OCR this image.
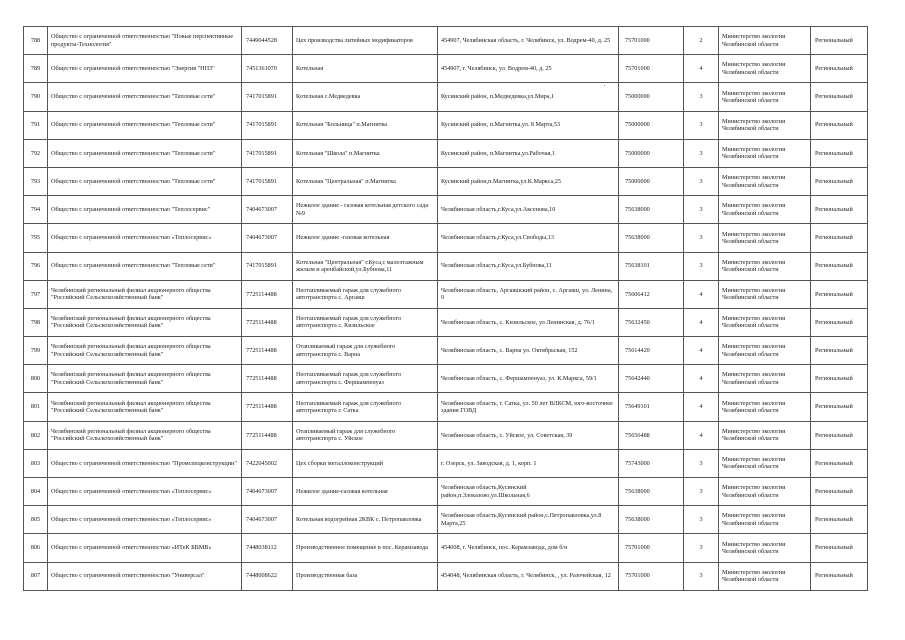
788	Общество с ограниченной ответственностью "Новые перспективные продукты-Технология"	7449044528	Цех производства литейных модификаторов	454907, Челябинская область, г. Челябинск, ул. Водрем-40, д. 25	75701000	2	Министерство экологии Челябинской области	Региональный
789	Общество с ограниченной ответственностью "Энергия "НПЗ"	7451361070	Котельная	454907, г. Челябинск, ул. Водрем-40, д. 25	75701000	4	Министерство экологии Челябинской области	Региональный
790	Общество с ограниченной ответственностью "Тепловые сети"	7417015891	Котельная с.Медведевка	Кусинский район, п.Медведевка,ул.Мира,1	75000000	3	Министерство экологии Челябинской области	Региональный
791	Общество с ограниченной ответственностью "Тепловые сети"	7417015891	Котельная "Больница" п.Магнитка	Кусинский район, п.Магнитка,ул. 8 Марта,53	75000000	3	Министерство экологии Челябинской области	Региональный
792	Общество с ограниченной ответственностью "Тепловые сети"	7417015891	Котельная "Школа" п.Магнитка	Кусинский район, п.Магнитка,ул.Рабочая,1	75000000	3	Министерство экологии Челябинской области	Региональный
793	Общество с ограниченной ответственностью "Тепловые сети"	7417015891	Котельная "Центральная" п.Магнитка	Кусинский район,п.Магнитка,ул.К.Маркса,25	75000000	3	Министерство экологии Челябинской области	Региональный
794	Общество с ограниченной ответственностью "Теплосервис"	7404673007	Нежилое здание - газовая котельная детского сада №9	Челябинская область,г.Куса,ул.Аксенова,10	75638000	3	Министерство экологии Челябинской области	Региональный
795	Общество с ограниченной ответственностью «Теплосервис»	7404673007	Нежилое здание -газовая котельная	Челябинская область,г.Куса,ул.Свободы,13	75638000	3	Министерство экологии Челябинской области	Региональный
796	Общество с ограниченной ответственностью "Тепловые сети"	7417015891	Котельная "Центральная" г.Куса,с малоэтажным жилым и аренбайской,ул.Бубнова,11	Челябинская область,г.Куса,ул.Бубнова,11	75638101	3	Министерство экологии Челябинской области	Региональный
797	Челябинский региональный филиал акционерного общества "Российский Сельскохозяйственный банк"	7725114488	Неотапливаемый гараж для служебного автотранспорта с. Аргаяш	Челябинская область, Аргаяшский район, с. Аргаяш, ул. Ленина, 9	75606412	4	Министерство экологии Челябинской области	Региональный
798	Челябинский региональный филиал акционерного общества "Российский Сельскохозяйственный банк"	7725114488	Неотапливаемый гараж для служебного автотранспорта с. Кизильское	Челябинская область, с. Кизильское, ул Ленинская, д. 76/1	75632450	4	Министерство экологии Челябинской области	Региональный
799	Челябинский региональный филиал акционерного общества "Российский Сельскохозяйственный банк"	7725114488	Отапливаемый гараж для служебного автотранспорта с. Варна	Челябинская область, с. Варна ул. Октябрьская, 152	75614420	4	Министерство экологии Челябинской области	Региональный
800	Челябинский региональный филиал акционерного общества "Российский Сельскохозяйственный банк"	7725114488	Неотапливаемый гараж для служебного автотранспорта с. Фершампенуаз	Челябинская область, с. Фершампенуаз, ул. К.Маркса, 59/1	75642440	4	Министерство экологии Челябинской области	Региональный
801	Челябинский региональный филиал акционерного общества "Российский Сельскохозяйственный банк"	7725114488	Неотапливаемый гараж для служебного автотранспорта г. Сатка	Челябинская область, г. Сатка, ул. 50 лет ВЛКСМ, юго-восточнее здания ГОВД	75649101	4	Министерство экологии Челябинской области	Региональный
802	Челябинский региональный филиал акционерного общества "Российский Сельскохозяйственный банк"	7725114488	Отапливаемый гараж для служебного автотранспорта с. Уйское	Челябинская область, с. Уйское, ул. Советская, 39	75656488	4	Министерство экологии Челябинской области	Региональный
803	Общество с ограниченной ответственностью "Промспецконструкции"	7422045002	Цех сборки металлоконструкций	г. Озерск, ул. Заводская, д. 1, корп. 1	75743000	3	Министерство экологии Челябинской области	Региональный
804	Общество с ограниченной ответственностью «Теплосервис»	7404673007	Нежилое здание-газовая котельная	Челябинская область,Кусинский район,п.Злоказово,ул.Школьная,6	75638000	3	Министерство экологии Челябинской области	Региональный
805	Общество с ограниченной ответственностью «Теплосервис»	7404673007	Котельная водогрейная 2КВК с. Петропавловка	Челябинская область,Кусинский район,с.Петропавловка,ул.8 Марта,25	75638000	3	Министерство экологии Челябинской области	Региональный
806	Общество с ограниченной ответственностью «ИТеК БВМВ»	7448038112	Производственное помещение в пос. Керамзавода	454008, г. Челябинск, пос. Керамзавода, дом б/н	75701000	3	Министерство экологии Челябинской области	Региональный
807	Общество с ограниченной ответственностью "Универсал"	7448008622	Производственная база	454048, Челябинская область, г. Челябинск, , ул. Разочейская, 12	75701000	3	Министерство экологии Челябинской области	Региональный
